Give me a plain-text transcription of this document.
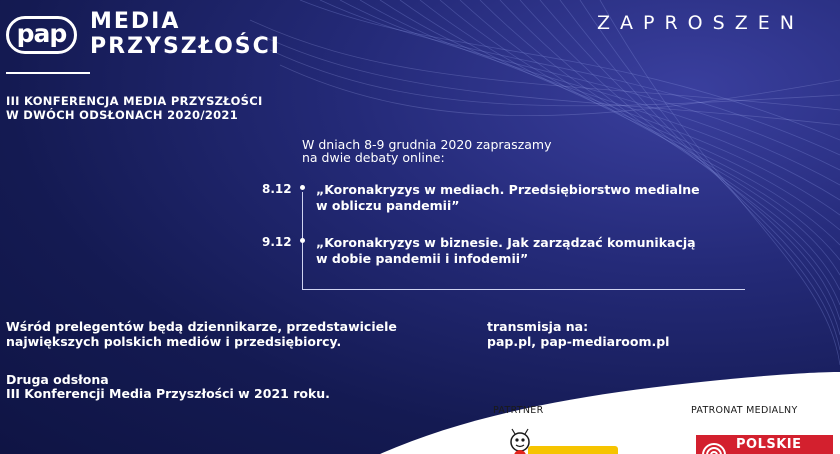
pap MEDIA
PRZYSZŁOŚCI
ZAPROSZEN
III KONFERENCJA MEDIA PRZYSZŁOŚCI
W DWÓCH ODSŁONACH 2020/2021
W dniach 8-9 grudnia 2020 zapraszamy
na dwie debaty online:
8.12 „Koronakryzys w mediach. Przedsiębiorstwo medialne
w obliczu pandemii”
9.12 „Koronakryzys w biznesie. Jak zarządzać komunikacją
w dobie pandemii i infodemii”
Wśród prelegentów będą dziennikarze, przedstawiciele
największych polskich mediów i przedsiębiorcy.
Druga odsłona
III Konferencji Media Przyszłości w 2021 roku.
transmisja na:
pap.pl, pap-mediaroom.pl
PATRTNER	PATRONAT MEDIALNY
POLSKIE
